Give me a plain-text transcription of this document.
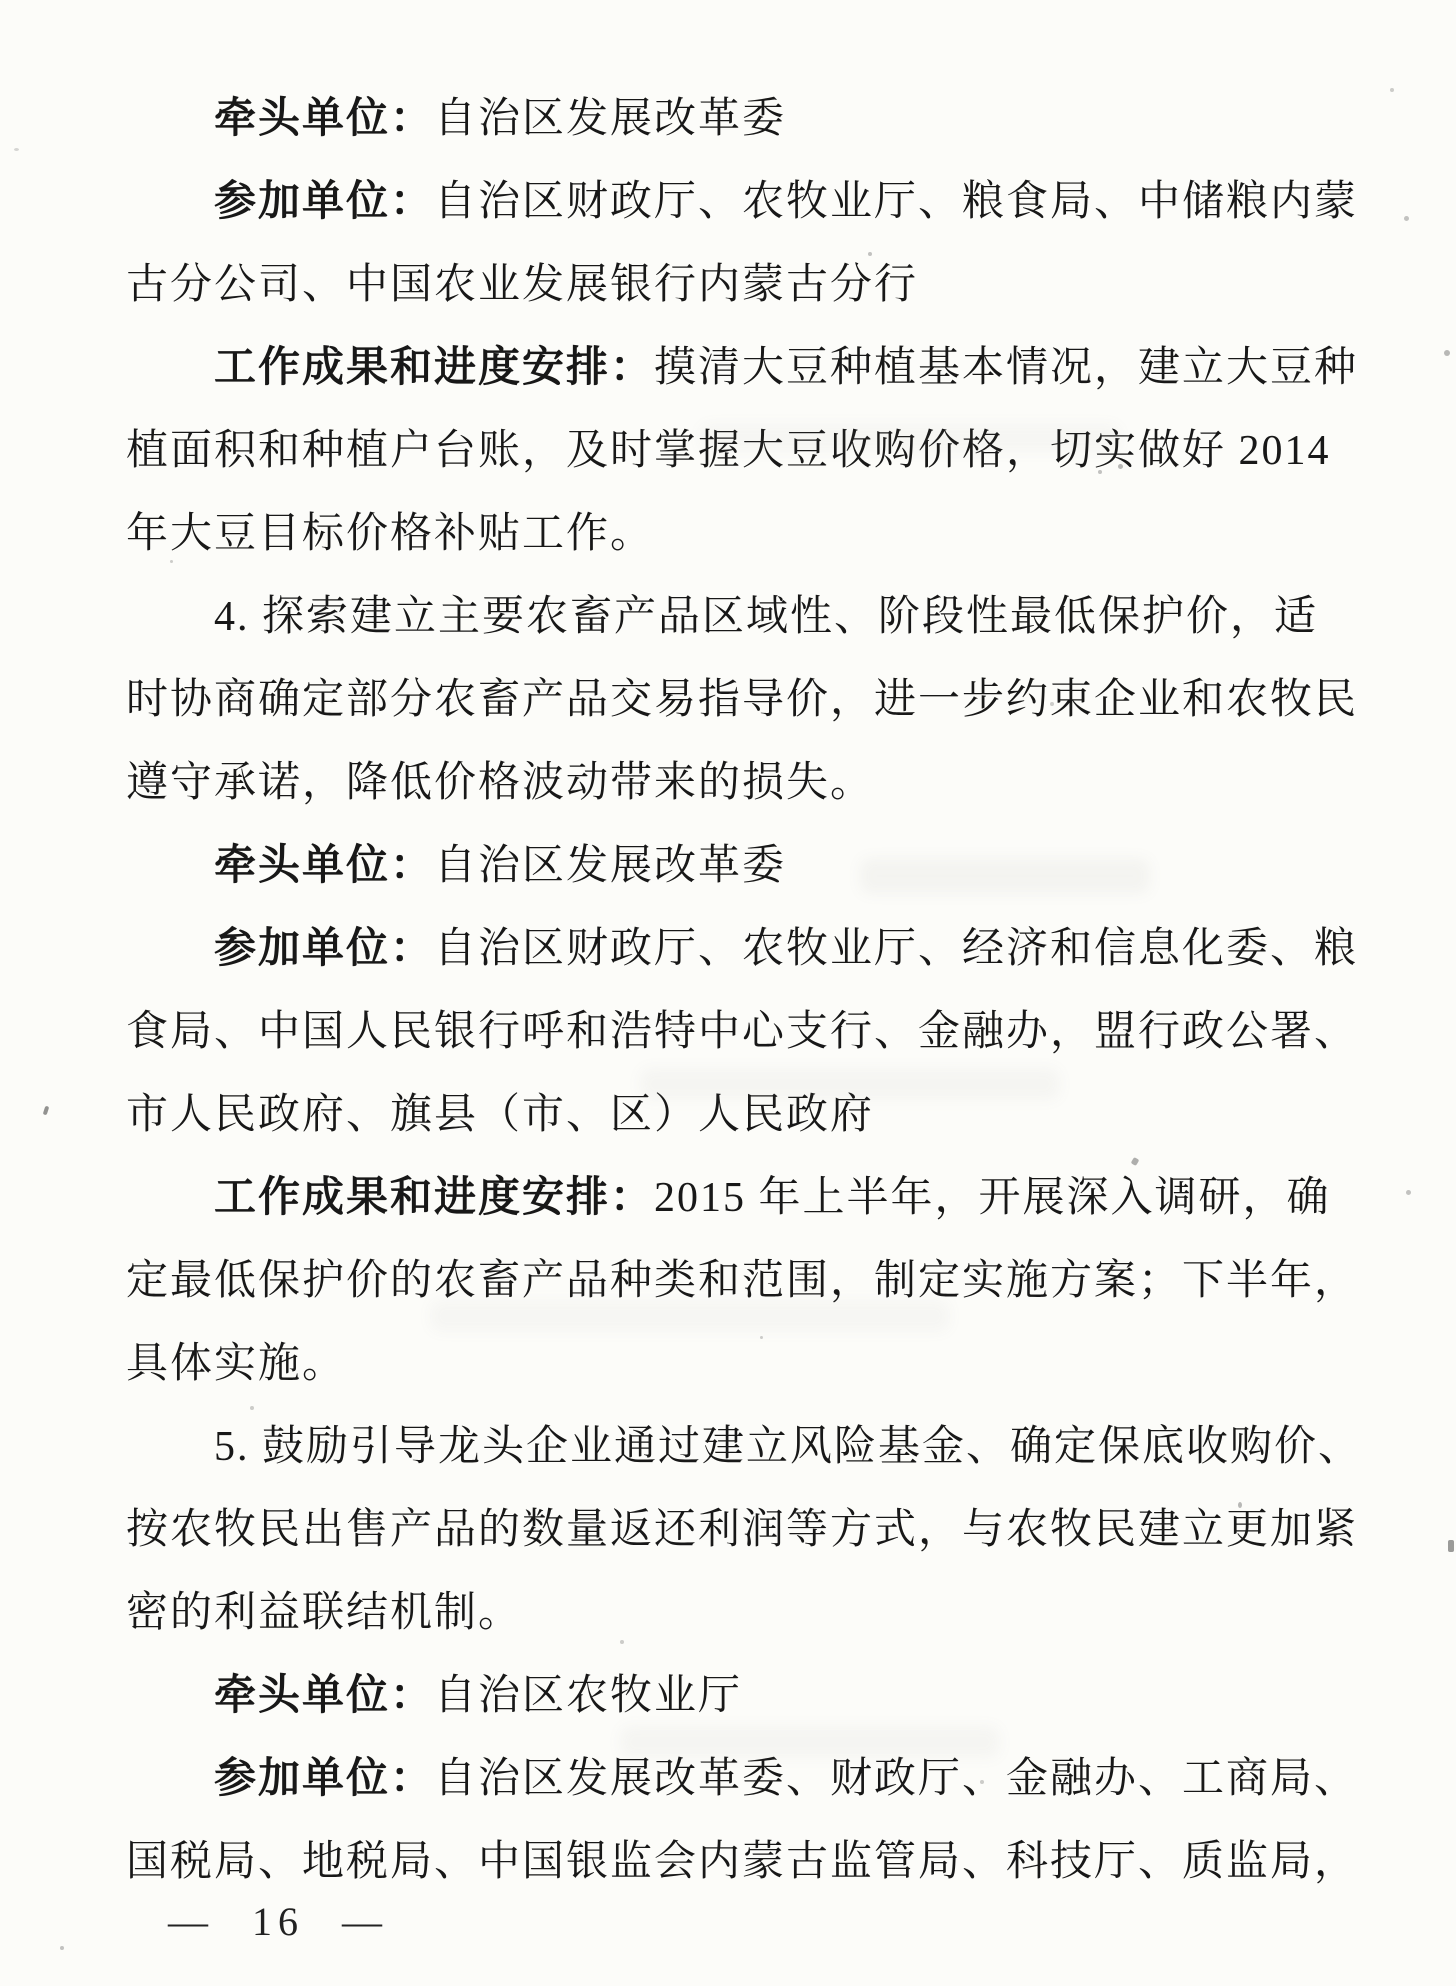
牵头单位：自治区发展改革委
参加单位：自治区财政厅、农牧业厅、粮食局、中储粮内蒙
古分公司、中国农业发展银行内蒙古分行
工作成果和进度安排：摸清大豆种植基本情况，建立大豆种
植面积和种植户台账，及时掌握大豆收购价格，切实做好 2014
年大豆目标价格补贴工作。
4. 探索建立主要农畜产品区域性、阶段性最低保护价，适
时协商确定部分农畜产品交易指导价，进一步约束企业和农牧民
遵守承诺，降低价格波动带来的损失。
牵头单位：自治区发展改革委
参加单位：自治区财政厅、农牧业厅、经济和信息化委、粮
食局、中国人民银行呼和浩特中心支行、金融办，盟行政公署、
市人民政府、旗县（市、区）人民政府
工作成果和进度安排：2015 年上半年，开展深入调研，确
定最低保护价的农畜产品种类和范围，制定实施方案；下半年，
具体实施。
5. 鼓励引导龙头企业通过建立风险基金、确定保底收购价、
按农牧民出售产品的数量返还利润等方式，与农牧民建立更加紧
密的利益联结机制。
牵头单位：自治区农牧业厅
参加单位：自治区发展改革委、财政厅、金融办、工商局、
国税局、地税局、中国银监会内蒙古监管局、科技厅、质监局，
— 16 —
